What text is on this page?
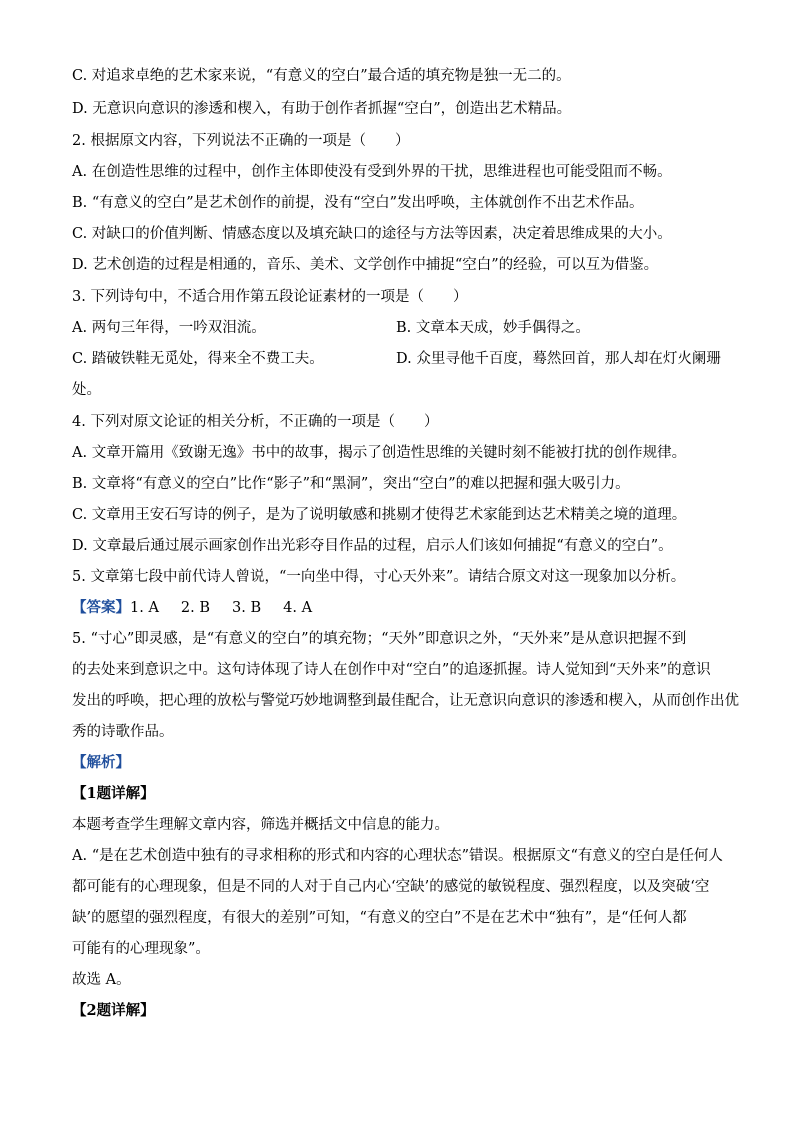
C. 对追求卓绝的艺术家来说，“有意义的空白”最合适的填充物是独一无二的。
D. 无意识向意识的渗透和楔入，有助于创作者抓握“空白”，创造出艺术精品。
2. 根据原文内容，下列说法不正确的一项是（　　）
A. 在创造性思维的过程中，创作主体即使没有受到外界的干扰，思维进程也可能受阻而不畅。
B. “有意义的空白”是艺术创作的前提，没有“空白”发出呼唤，主体就创作不出艺术作品。
C. 对缺口的价值判断、情感态度以及填充缺口的途径与方法等因素，决定着思维成果的大小。
D. 艺术创造的过程是相通的，音乐、美术、文学创作中捕捉“空白”的经验，可以互为借鉴。
3. 下列诗句中，不适合用作第五段论证素材的一项是（　　）
A. 两句三年得，一吟双泪流。	B. 文章本天成，妙手偶得之。
C. 踏破铁鞋无觅处，得来全不费工夫。	D. 众里寻他千百度，蓦然回首，那人却在灯火阑珊
处。
4. 下列对原文论证的相关分析，不正确的一项是（　　）
A. 文章开篇用《致谢无逸》书中的故事，揭示了创造性思维的关键时刻不能被打扰的创作规律。
B. 文章将“有意义的空白”比作“影子”和“黑洞”，突出“空白”的难以把握和强大吸引力。
C. 文章用王安石写诗的例子，是为了说明敏感和挑剔才使得艺术家能到达艺术精美之境的道理。
D. 文章最后通过展示画家创作出光彩夺目作品的过程，启示人们该如何捕捉“有意义的空白”。
5. 文章第七段中前代诗人曾说，“一向坐中得，寸心天外来”。请结合原文对这一现象加以分析。
【答案】1. A 2. B 3. B 4. A
5. “寸心”即灵感，是“有意义的空白”的填充物；“天外”即意识之外，“天外来”是从意识把握不到
的去处来到意识之中。这句诗体现了诗人在创作中对“空白”的追逐抓握。诗人觉知到“天外来”的意识
发出的呼唤，把心理的放松与警觉巧妙地调整到最佳配合，让无意识向意识的渗透和楔入，从而创作出优
秀的诗歌作品。
【解析】
【1题详解】
本题考查学生理解文章内容，筛选并概括文中信息的能力。
A. “是在艺术创造中独有的寻求相称的形式和内容的心理状态”错误。根据原文“有意义的空白是任何人
都可能有的心理现象，但是不同的人对于自己内心‘空缺’的感觉的敏锐程度、强烈程度，以及突破‘空
缺’的愿望的强烈程度，有很大的差别”可知，“有意义的空白”不是在艺术中“独有”，是“任何人都
可能有的心理现象”。
故选 A。
【2题详解】
